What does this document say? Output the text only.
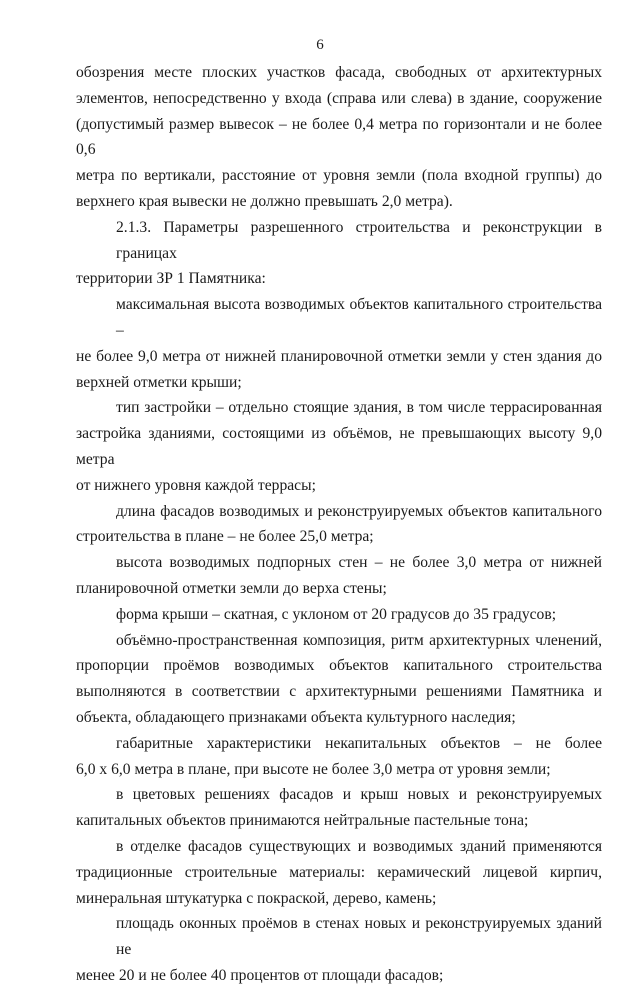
6
обозрения месте плоских участков фасада, свободных от архитектурных
элементов, непосредственно у входа (справа или слева) в здание, сооружение
(допустимый размер вывесок – не более 0,4 метра по горизонтали и не более 0,6
метра по вертикали, расстояние от уровня земли (пола входной группы) до
верхнего края вывески не должно превышать 2,0 метра).
2.1.3. Параметры разрешенного строительства и реконструкции в границах
территории ЗР 1 Памятника:
максимальная высота возводимых объектов капитального строительства –
не более 9,0 метра от нижней планировочной отметки земли у стен здания до
верхней отметки крыши;
тип застройки – отдельно стоящие здания, в том числе террасированная
застройка зданиями, состоящими из объёмов, не превышающих высоту 9,0 метра
от нижнего уровня каждой террасы;
длина фасадов возводимых и реконструируемых объектов капитального
строительства в плане – не более 25,0 метра;
высота возводимых подпорных стен – не более 3,0 метра от нижней
планировочной отметки земли до верха стены;
форма крыши – скатная, с уклоном от 20 градусов до 35 градусов;
объёмно-пространственная композиция, ритм архитектурных членений,
пропорции проёмов возводимых объектов капитального строительства
выполняются в соответствии с архитектурными решениями Памятника и
объекта, обладающего признаками объекта культурного наследия;
габаритные характеристики некапитальных объектов – не более
6,0 х 6,0 метра в плане, при высоте не более 3,0 метра от уровня земли;
в цветовых решениях фасадов и крыш новых и реконструируемых
капитальных объектов принимаются нейтральные пастельные тона;
в отделке фасадов существующих и возводимых зданий применяются
традиционные строительные материалы: керамический лицевой кирпич,
минеральная штукатурка с покраской, дерево, камень;
площадь оконных проёмов в стенах новых и реконструируемых зданий не
менее 20 и не более 40 процентов от площади фасадов;
